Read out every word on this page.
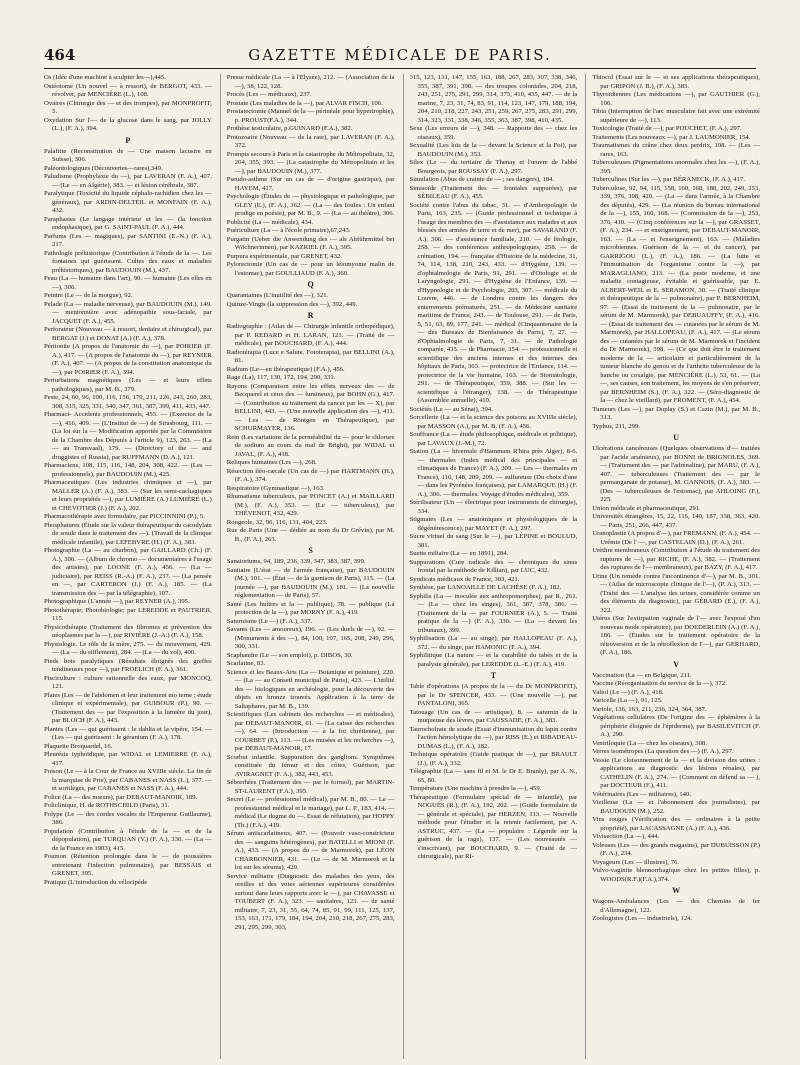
464	GAZETTE MÉDICALE DE PARIS.

Os (Idée d'une machine à sculpter les—),445.

Ostéotome (Un nouvel — à ressort), de BERGOT, 433. — révolver, par MENCIÈRE (L.), 108.

Ovaires (Chirurgie des — et des trompes), par MONPROFIT, 5.

Oxydation Sur l'— de la glucose dans le sang, par JOLLY (L.), (F. A.), 394.

P

Palafitte (Reconstitution de — Une maison lacustre en Suisse), 306.

Paléontologiques (Découvertes—rares),349.

Paludisme (Prophylaxie du —), par LAVERAN (F. A.), 407. — (Le — en Algérie), 383. — et lésion cérébrale, 387.

Paralytique (Toxicité du liquide céphalo-rachidien chez les — généraux), par ARDIN-DELTEIL et MONFAIN (F. A.), 432.

Paraphasies (Le langage intérieur et les — (la fonction endophasique), par G. SAINT-PAUL (F. A.), 444.

Parfums (Les — magiques), par SANTINI (E.-N.) (F. A.), 217.

Pathologie préhistorique (Contribution à l'étude de la —. Les fontaines qui guérissent. Cultes des eaux et maladies préhistoriques), par BAUDOUIN (M.), 437.

Peau (La — humaine dans l'art), 90. — humaine (Les elles en —), 306.

Peintre (Le — de la morgue), 92.

Pelade (La — maladie nerveuse), par BAUDOUIN (M.), 149. — mentonnière avec adénopathie sous-faciale, par JACQUET (F. A.), 455.

Perforateur (Nouveau — à ressort, dentaire et chirurgical), par BERGAT (J.) et DONAT (A.) (F. A.), 378.

Péritonite (A propos de l'anatomie du —), par POIRIER (F. A.), 417. — (A propos de l'anatomie du —), par REYNIER (F. A.), 407. — (A propos de la constitution anatomique du —), par POIRIER (F. A.), 394.

Perturbations magnétiques (Les — et leurs effets pathologiques), par M. B., 379.

Peste, 24, 60, 96, 100, 116, 156, 179, 211, 226, 243, 260, 283, 308, 315, 325, 331, 340, 347, 361, 387, 399, 411, 433, 447.

Pharmaci- Accidents professionnels, 455. — (Exercice de la —), 416, 409. — (L'Institut de —) de Strasbourg, 111. — (La loi sur la — Modification apportée par la Commission de la Chambre des Députés à l'article 9), 123, 263. — (La — au Transvaal), 179. — (Directory of the — and druggistes of Russia), par RUFFMANN (D. A.), 121.

Pharmaciens, 108, 115, 116, 148, 204, 308, 422. — (Les — professionnels), par BAUDOUIN (M.), 425.

Pharmaceutiques (Les industries chimiques et —), par MALLER (A.) (F. A.), 383. — (Sur les semi-cachagiques et leurs propriétés —), par LUMIÈRE (A.) LUMIÈRE (L.) et CHEVOTIER (J.) (F. A.), 202.

Pharmacothérapie avec formulaire, par PICCINNINI (P.), 5.

Phosphatures (Étude sur la valeur thérapeutique du cacodylate de soude dans le traitement des —). (Travail de la clinique médicale infantile), par LEFEBVRE (H.) (F. A.), 383.

Photographie (La — au charbon), par GAILLARD (Ch.) (F. A.), 306. — (Album de chromo — documentaires à l'usage des artistes), par LOONE (F. A.), 456. — (La — judiciaire), par REISS (R.-A.) (F. A.), 237. — (La pensée en —, par CARTERON (J.) (F. A.), 185. — (La transmission des — par la télégraphie), 107.

Photographique (L'année —), par REYNER (A.), 395.

Photothérapie; Photobiologie; par LEREDDE et PAUTRIER, 115.

Physicothérapie (Traitement des fibromes et prévention des néoplasmes par la —), par RIVIÈRE (J.-A.) (F. A.), 158.

Physiologie. Le rôle de la mère, 275. — du mouvement, 429. — (La — du sifflement), 284. — (La — du vol), 400.

Pieds bots paralytiques (Résultats éloignés des greffes tendineuses pour —), par FROELICH (F. A.), 361.

Pisciculture : culture rationnelle des eaux, par MONCOQ, 121.

Plaies (Les — de l'abdomen et leur traitement mo terne ; étude clinique et expérimentale), par GUIBOUR (P.), 90. — (Traitement des — par l'exposition à la lumière du jour), par BLOCH (F. A.), 443.

Plantes (Les — qui guérissent : le dahlia et la vipère, 154. — (Les — qui guérissent : le géranium (F. A.), 178.

Plaquette Broquardel, 16.

Pleurésie typhoïdique, par WIDAL et LEMIERRE (F. A.), 417.

Poison (Le — à la Cour de France au XVIIIe siècle. La fin de la marquise de Prie), par CABANES et NASS (L.), 377. — et sortilèges, par CABANES et NASS (F. A.), 444.

Police (La — des mœurs), par DEBAUT-MANOIR, 189.

Policlinique, H. de ROTHSCHILD (Paris), 31.

Polype (Le — des cordes vocales de l'Empereur Guillaume), 386.

Population (Contribution à l'étude de la — et de la dépopulation), par TURQUAN (V.) (F. A.), 330. — (La — de la France en 1903), 415.

Poumon (Rétention prolongée dans le — de poussières entretenant l'infection pulmonaire), par BESSAIS et GRENET, 395.

Pratique (L'introduction du vélocipède

Presse médicale (La — à l'Élysée), 212. — (Association de la —), 38, 122, 128.

Procès (Les — médicaux), 237.

Prostate (Les maladies de la —), par ALVAR FISCH, 106.

Prostatectomie (Manuel de la — périnéale pour hypertrophie), p. PROUST(F.A.), 344.

Prothèse testiculaire, p.GUINARD (F.A.), 382.

Protozoaire (Nouveau — de la rate), par LAVERAN (F. A.), 372.

Prompts secours à Paris et la catastrophe du Métropolitain, 32, 204, 355, 393. — (La catastrophe du Métropolitain et les —), par BAUDOUIN (M.), 377.

Pseudo-asthme (Sur un cas de — d'origine gastrique), par HAYEM, 417.

Psychologie (Études de — physiologique et pathologique, par GLEY (E.), (F. A.), 362. — (La — des foules : Un enfant prodige en poésie), par M. B., 9. — (La — au théâtre), 306.

Publicité (La — médicale), 434.

Puériculture (La — à l'école primaire),67,243.

Purgatin (Ueber die Anwendung des — als Abführmittel bei Wöchnerinnen), par KAZRIEL (F. A.), 395.

Purpura expérimentale, par GRENET, 432.

Pylorectomie (Un cas de — pour un léiomyome malin de l'estomac), par GOULLIAUD (F. A.), 360.

Q

Quarantaines (L'inutilité des —), 321.

Quinze-Vingts (la suppression des —), 392, 449.

R

Radiographie : (Atlas de — Chirurgie infantile orthopédique), par P. REDARD et H. LARAN, 121. — (Traité de — médicale), par BOUCHARD, (F. A.), 444.

Radiotérapia (Luce e Salute. Fototerapia), par BELLINI (A.), 81.

Radium (Le—en thérapeutique) (F.A.), 456.

Rage (La), 117, 130, 172, 194, 290, 331.

Rayons (Comparaison entre les effets nerveux des — de Becquerel et ceux des — lumineux), par BOHN (G.), 417. — (Contribution au traitement du cancer par les — X), par BELLINI, 443. — (Une nouvelle application des —), 411. — Les — de Röntgen en Thérapeutique), par SCHURMAYER, 136.

Rein (Les variations de la perméabilité du — pour le chlorure de sodium au cours du mal de Bright), par WIDAL et JAVAL, (F. A.), 418.

Reliques humaines (Les —), 268.

Résection iléo-cæcale (Un cas de —) par HARTMANN (H.), (F. A.), 374.

Respiratoire (Gymnastique —), 163.

Rhumatisme tuberculeux, par PONCET (A.) et MAILLARD (M.), (F. A.), 353. — (Le — tuberculeux), par THÉVENOT, 432, 429.

Rougeole, 32, 96, 116, 131, 404, 223.

Rue de Paris (Une — dédiée au nom du Dr Grévin), par M. B., (F. A.), 263.

S

Sanatoriums, 94, 189, 236, 339, 347, 383, 387, 399.

Sanitaire (L'état — de l'armée française), par BAUDOUIN (M.), 101. — (État — de la garnison de Paris), 115. — (La journée —), par BAUDOUIN (M.), 181. — (La nouvelle réglementation — de Paris), 57.

Santé (Les huîtres et la — publique), 78. — publique (La protection de la —), par MORNY (F. A.), 419.

Saturnisme (Le —) (F. A.), 337.

Savants (Les — amoureux), 196. — (Les duels de —), 92. — (Monuments à des —), 84, 100, 107, 165, 208, 249, 296, 300, 331.

Scaphandre (Le — son emploi), p. DIBOS, 30.

Scarlatine, 83.

Science et les Beaux-Arts (La — Botanique et peinture), 220. — (La — au Conseil municipal de Paris), 423. — L'utilité des — biologiques en archéologie, pour la découverte des objets en bronze trouvés. Application à la terre de Saltaphares, par M. B., 139.

Scientifiques (Les cabinets des recherches — et médicales), par DEBAUT-MANOIR, 61. — (La caisse des recherches —), 64. — (Introduction — à la foi chrétienne), par COURBET (P.), 113. — (Les musées et les recherches —), par DEBAUT-MANOIR, 17.

Scorbut infantile. Suppuration des ganglions. Symptômes constituée du fémur et des côtes, Guérison, par AVIRAGNET (F. A.), 382, 443, 453.

Séborrhées (Traitement des — par le formol), par MARTIN-ST-LAURENT (F.A.), 395.

Secret (Le — professionnel médical), par M. B., 80. — Le — professionnel médical et le mariage), par L. P., 183, 414. — médical (Le dogme du —. Essai de réfutation), par HOPPY (Th.) (F.A.), 419.

Sérum antiscarlatineux, 407. — (Pouvoir vaso-constricteur des — sanguins hétérogènes), par BATELLI et MIONI (F. A.), 433. — (A propos du — de Marmorek), par LÉON CHARBONNIER, 431. — (Le — de M. Marmorek et la loi sur les sérums), 429.

Service militaire (Diagnostic des maladies des yeux, des oreilles et des voies aériennes supérieures considérées surtout dans leurs rapports avec le —), par CHAVASSE et TOUBERT (F. A.), 323. — sanitaires, 123. — de santé militaire, 7, 23, 31, 55, 64, 74, 85, 91, 99, 111, 125, 137, 153, 163, 171, 179, 184, 194, 204, 210, 218, 267, 275, 283, 291, 295, 299, 303,

315, 123, 131, 147, 155, 163, 188, 267, 283, 307, 338, 346, 355, 387, 391, 398. — des troupes coloniales, 204, 218, 243, 251, 275, 291, 299, 314, 375, 410, 435, 447. — de la marine, 7, 23, 31, 74, 83, 91, 114, 123, 147, 179, 188, 194, 204, 210, 218, 227, 243, 251, 259, 267, 275, 283, 291, 299, 314, 323, 331, 338, 346, 355, 363, 387, 398, 410, 435.

Sexe (Les erreurs de —), 348. — Rapports des — chez les oiseaux), 359.

Sexualité (Les lois de la — devant la Science et la Foi), par BAUDOUIN (M.), 353.

Silex (Le — du tertiaire de Thenay et l'œuvre de l'abbé Bourgeois, par ROUSSAY (F. A.), 297.

Simulation (Abus de crainte de — ; ses dangers), 184.

Sinusoïde (Traitement des — frontales suppurées), par SÉBILEAU (F. A.), 455.

Société contre l'abus du tabac, 31. — d'Anthropologie de Paris, 163, 235. — (Guide professionnel et technique à l'usage des membres des — d'assistance aux malades et aux blessés des armées de terre et de mer), par SAVARAND (F. A.), 306. — d'assistance familiale, 210. — de biologie, 258. — des conférences anthropologiques, 258. — de crémation, 194. — française d'Histoire de la médecine, 31, 74, 114, 138, 210, 243, 433. — d'Hygiène, 139. — d'ophtalmologie de Paris, 91, 291. — d'Otologie et de Laryngologie, 291. — d'Hygiène de l'Enfance, 139. — d'Hypnologie et de Psychologie, 203, 307. — médicale du Louvre, 446. — de Londres contre les dangers des enterrements prématurés, 251. — de Médecine sanitaire maritime de France, 243. — de Toulouse, 291. — de Paris, 5, 51, 63, 89, 177, 241. — médical (Cinquantenaire de la — des Bureaux de Bienfaisance de Paris), 7, 27. — d'Ophtalmologie de Paris, 7, 31. — de Pathologie comparée, 435. — de Pharmacie, 354. — professionnelle et scientifique des anciens internes et des internes des hôpitaux de Paris, 363. — protectrice de l'Enfance, 114. — protectrice de la vie humaine, 163. — de Stomatologie, 291. — de Thérapeutique, 359, 388. — (Sur les — scientifique à l'étranger), 138. — de Thérapeutique (Assemblée annuelle), 410.

Sociétés (Le — au Sénat), 394.

Sorcellerie (La — et la science des poisons au XVIIIe siècle), par MASSON (A.), par M. B. (F. A.), 456.

Souffrance (La — étude philosophique, médicale et politique), par LAVAUX (J.-M.), 72.

Station (La — hivernale d'Hammam R'hira près Alger), 8-6. — thermales (Index médical des principales — et climatiques de France) (F. A.), 209. — Les — thermales en France), 116, 148, 209, 209. — sulfureuse (Du choix d'une — dans les Pyrénées françaises), par LAMARQUE (H.) (F. A.), 306. — thermales. Voyage d'études médicales), 359.

Stérilisateur (Un — électrique pour instruments de chirurgie), 334.

Stigmates (Les — anatomiques et physiologiques de la dégénérescence), par MAYET (F. A.), 297.

Sucre virtuel du sang (Sur le —), par LÉPINE et BOULUD, 381.

Suette miliaire (La — en 1891), 284.

Suppurations (Cure radicale des — chroniques du sinus frontal par la méthode de Killian), par LUC, 432.

Syndicats médicaux de France, 303, 421.

Synthèse, par LANOAILLE DE LACHÈSE (F. A.), 182.

Syphilis (La — inoculée aux anthropomorphes), par R., 261. — (La — chez les singes), 361, 387, 378, 386. — (Traitement de la — par FOURNIER (A.), 5. — Traité pratique de la —) (F. A.), 330. — (La — devant les tribunaux), 399.

Syphilisation (La — au singe), par HALLOPEAU (F. A.), 372. — du singe, par HAMONIC (F. A.), 394.

Syphilitique (La nature — et la curabilité du tabès et de la paralysie générale), par LEREDDE (L.-E.) (F. A.), 419.

T

Table d'opérations (A propos de la — du Dr MONPROFIT), par le Dr SPENCER, 433. — (Une nouvelle —), par PANTALONI, 365.

Tatouage (Un cas de — artistique), 8. — saturnin de la muqueuse des lèvres, par CAUSSADE, (F. A.), 383.

Taurocholrate de soude (Essai d'immunisation du lapin contre l'action hémolytique du —), par RISS (E.) et RIBADEAU-DUMAS (L.), (F. A.), 182.

Technique opératoire (Guide pratique de —), par BRAULT (J.), (F. A.), 332.

Télégraphie (La — sans fil et M. le Dr E. Branly), par A. N., 65, 80.

Température (Une machine à prendre la —), 459.

Thérapeutique (Formulaire spécial de — infantile), par NOGUÉS (R.), (F. A.), 192, 202. — (Guide formulaire de — générale et spéciale), par HERZEN, 113. — Nouvelle méthode pour l'étudier et la retenir facilement, par A. ASTRUC, 437. — (La — populaire : Légende sur la guérison de la rage), 137. — (Les nouveautés — s'inscrivant), par BOUCHARD, 9. — (Traité de — chirurgicale), par RI-

Thiocol (Essai sur le — et ses applications thérapeutiques), par GRIPON (J. B.), (F. A.), 383.

Thyroïdiennes (Les médications —), par GAUTHIER (G.), 106.

Tibia (Interruption de l'arc musculaire fait avec une extrémité supérieure de —), 113.

Toxicologie (Traité de —), par POUCHET, (F. A.), 297.

Traitements (Les nouveaux —), par J. LAUMONIER, 154.

Traumatismes du crâne chez deux perdrix, 108. — (Les — rares, 163.

Tuberculeuses (Pigmentations anormales chez les —), (F. A.), 395.

Tuberculines (Sur les —), par BÉRANECK, (F. A.), 417.

Tuberculose, 92, 94, 115, 158, 160, 168, 188, 202, 249, 253, 339, 376, 398, 420. — (La — dans l'armée, à la Chambre des députés), 429. — (La réunion du bureau international de la —), 155, 160, 168. — (Commission de la —), 253, 376, 410. — (Cinq conférences sur la —), par GRASSET, (F. A.), 234. — et enseignement, par DEBAUT-MANOIR, 163. — (La — et l'enseignement), 163. — (Maladies microbiennes. Guérison de la — et du cancer), par GARRIGOU (L.), (F. A.), 186. — (La lutte et l'immunisation de l'organisme contre la —), par MARAGLIANO, 213. — (La peste moderne, et une maladie contagieuse, évitable et guérissable, par E. ALBERT-WEIL et E. SERAMON, 30. — (Traité clinique et thérapeutique de la — pulmonaire), par P. BERNHEIM, 97. — (Essai de traitement de la — pulmonaire, par le sérum de M. Marmorek), par DEBUAUFFY, (F. A.), 416. — (Essai de traitement des — cutanées par le sérum de M. Marmorek), par HALLOPEAU, (F. A.), 417. — (Le sérum des — cutanées par le sérum de M. Marmorek et l'incident du Dr Marmorek), 398. — (Ce que doit être le traitement moderne de la — articulaire et particulièrement de la tumeur blanche du genou et de l'arthrite tuberculeuse de la hanche ou coxalgie, par MENCIÈRE (L.), 53, 61. — (La —, ses causes, son traitement, les moyens de s'en préserver, par BERNHEIM (S.), (F. A.), 322. — (Séro-diagnostic de la — chez le vieillard), par FROMENT, (F. A.), 454.

Tumeurs (Les —), par Duplay (S.) et Cazin (M.), par M. B., 313.

Typhus, 211, 299.

U

Ulcérations cancéreuses (Quelques observations d'— traitées par l'acide arsénieux), par BONNI de BRIGNOLES, 369. — (Traitement des — par l'adrénaline), par MARU, (F. A.), 407. — tuberculeuses (Traitement des — par le permanganate de potasse), M. GANNOIS, (F. A.), 383. — (Des — tuberculeuses de l'estomac), par AHLOING (F.), 225.

Union médicale et pharmaceutique, 291.

Universités étrangères, 15, 22, 116, 140, 187, 338, 363, 420. — Paris, 251, 266, 447, 437.

Uranoplastie (A propos d'—), par FREMANN, (F. A.), 454. — Urémie (De l' —, par CASTELAIN (D.), (F. A.), 261.

Urèthre membraneux (Contribution à l'étude du traitement des ruptures de —), par RICHE, (F. A.), 382. — (Traitement des ruptures de l'— membraneux), par BAZY, (F. A.), 417.

Urine (Un remède contre l'incontinence d'—), par M. B., 301. — (Atlas de microscopie clinique de l'—), (P. A.), 313. — (Traité des — L'analyse des urines, considérée comme un des éléments du diagnostic), par GÉRARD (E.), (F. A.), 322.

Utérus (Sur l'extirpation vaginale de l'— avec l'exposé d'un nouveau mode opératoire), par DOEDERLEIN (A.) (F. A.), 186. — (Études sur le traitement opératoire de la rétroversion et de la rétroflexion de l'—), par GERHARD, (F. A.), 186.

V

Vaccination (La — en Belgique, 211.

Vaccine (Réorganisation du service de la —), 372.

Valiol (Le —) (F. A.), 418.

Varicelle (La —), 91, 125.

Variole, 136, 163, 211, 236, 324, 364, 387.

Végétations cellulaires (De l'origine des — éphémères à la périphérie éloignée de l'épiderme), par BASILEVITCH (F. A.), 290.

Ventriloquie (La — chez les oiseaux), 308.

Verres isométropes (La question des —) (F. A.), 297.

Vessie (Le cloisonnement de la — et la division des urines : applications au diagnostic des lésions rénales), par CATHELIN (F. A.), 274. — (Comment on défend sa — ), par DOCTEUR (F.), 411.

Vétérinaires (Les — militaires), 140.

Vieillesse (La — et l'abonnement des journalistes), par BAUDOUIN (M.), 252.

Vins rouges (Vérification des — ordinaires à la petite propriété), par LACASSAGNE (A.) (F. A.), 436.

Vivisection (La —), 444.

Voleuses (Les — des grands magasins), par DUBUISSON (P.) (F. A.), 234.

Voyageurs (Les — illustres), 76.

Vulvo-vaginite blennorrhagique chez les petites filles), p. WOODS(R.F.)(F.A.),374.

W

Wagons-Ambulances (Les — des Chemins de fer d'Allemagne), 122.

Zoologistes (Les — industriels), 124.
